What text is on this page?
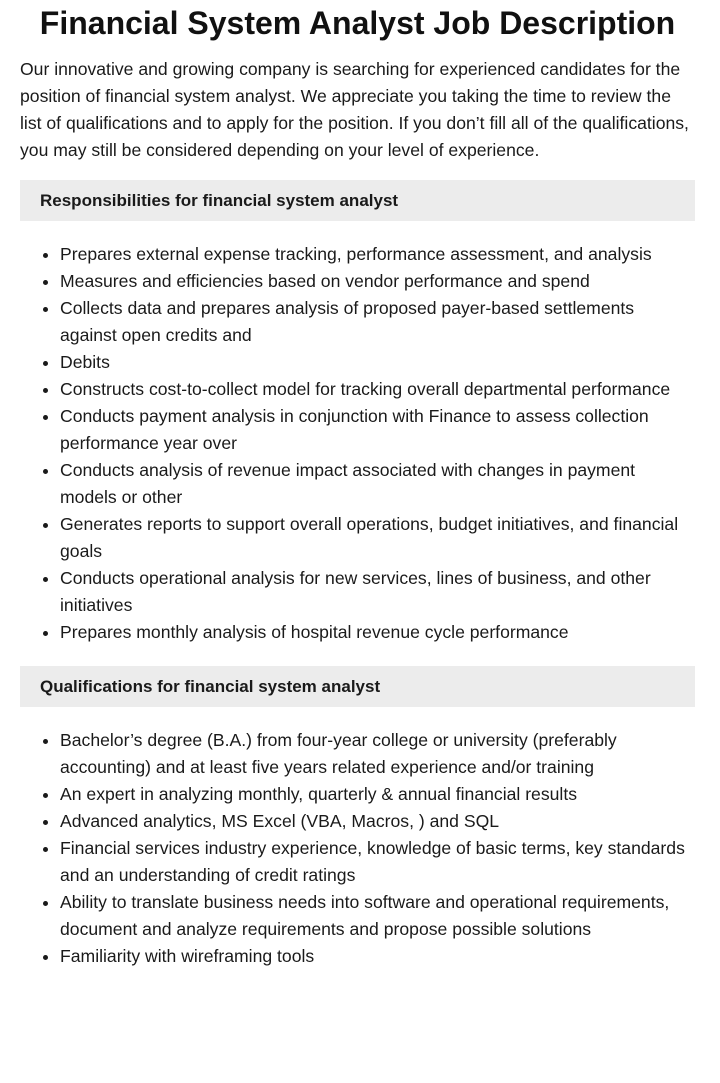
Financial System Analyst Job Description

Our innovative and growing company is searching for experienced candidates for the position of financial system analyst. We appreciate you taking the time to review the list of qualifications and to apply for the position. If you don’t fill all of the qualifications, you may still be considered depending on your level of experience.

Responsibilities for financial system analyst
• Prepares external expense tracking, performance assessment, and analysis
• Measures and efficiencies based on vendor performance and spend
• Collects data and prepares analysis of proposed payer-based settlements against open credits and
• Debits
• Constructs cost-to-collect model for tracking overall departmental performance
• Conducts payment analysis in conjunction with Finance to assess collection performance year over
• Conducts analysis of revenue impact associated with changes in payment models or other
• Generates reports to support overall operations, budget initiatives, and financial goals
• Conducts operational analysis for new services, lines of business, and other initiatives
• Prepares monthly analysis of hospital revenue cycle performance
Qualifications for financial system analyst
• Bachelor’s degree (B.A.) from four-year college or university (preferably accounting) and at least five years related experience and/or training
• An expert in analyzing monthly, quarterly & annual financial results
• Advanced analytics, MS Excel (VBA, Macros, ) and SQL
• Financial services industry experience, knowledge of basic terms, key standards and an understanding of credit ratings
• Ability to translate business needs into software and operational requirements, document and analyze requirements and propose possible solutions
• Familiarity with wireframing tools
